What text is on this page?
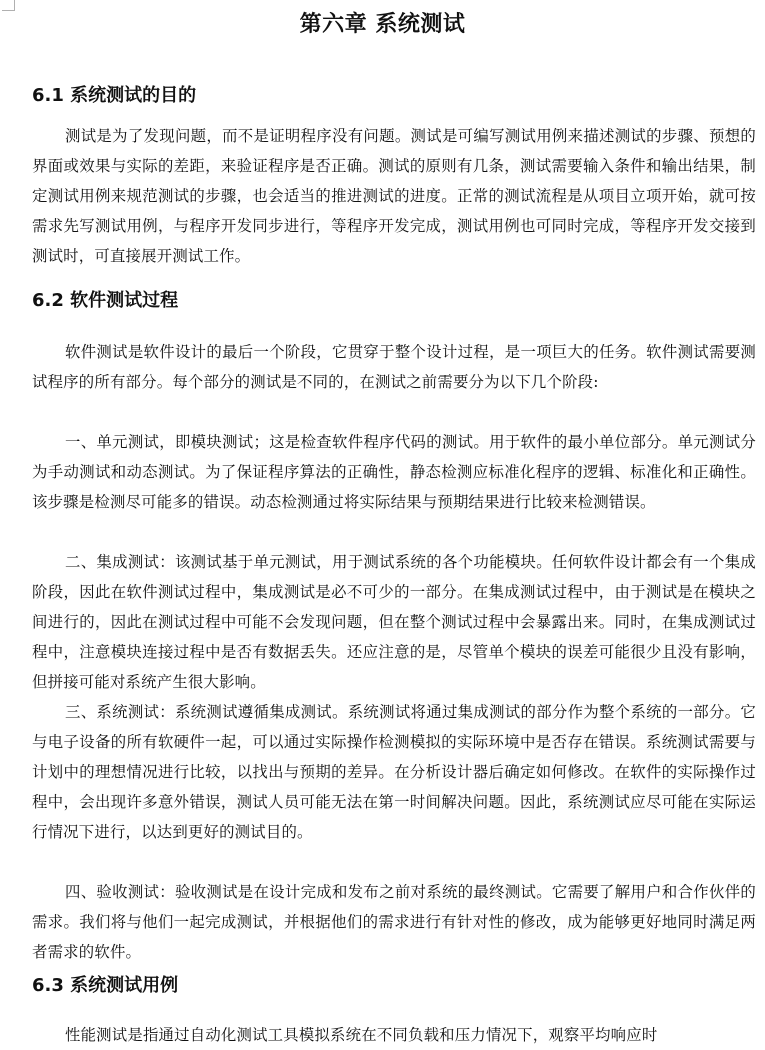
第六章 系统测试
6.1 系统测试的目的

测试是为了发现问题，而不是证明程序没有问题。测试是可编写测试用例来描述测试的步骤、预想的界面或效果与实际的差距，来验证程序是否正确。测试的原则有几条，测试需要输入条件和输出结果，制定测试用例来规范测试的步骤，也会适当的推进测试的进度。正常的测试流程是从项目立项开始，就可按需求先写测试用例，与程序开发同步进行，等程序开发完成，测试用例也可同时完成，等程序开发交接到测试时，可直接展开测试工作。

6.2 软件测试过程

软件测试是软件设计的最后一个阶段，它贯穿于整个设计过程，是一项巨大的任务。软件测试需要测试程序的所有部分。每个部分的测试是不同的，在测试之前需要分为以下几个阶段:

一、单元测试，即模块测试；这是检查软件程序代码的测试。用于软件的最小单位部分。单元测试分为手动测试和动态测试。为了保证程序算法的正确性，静态检测应标准化程序的逻辑、标准化和正确性。该步骤是检测尽可能多的错误。动态检测通过将实际结果与预期结果进行比较来检测错误。

二、集成测试：该测试基于单元测试，用于测试系统的各个功能模块。任何软件设计都会有一个集成阶段，因此在软件测试过程中，集成测试是必不可少的一部分。在集成测试过程中，由于测试是在模块之间进行的，因此在测试过程中可能不会发现问题，但在整个测试过程中会暴露出来。同时，在集成测试过程中，注意模块连接过程中是否有数据丢失。还应注意的是，尽管单个模块的误差可能很少且没有影响，但拼接可能对系统产生很大影响。

三、系统测试：系统测试遵循集成测试。系统测试将通过集成测试的部分作为整个系统的一部分。它与电子设备的所有软硬件一起，可以通过实际操作检测模拟的实际环境中是否存在错误。系统测试需要与计划中的理想情况进行比较，以找出与预期的差异。在分析设计器后确定如何修改。在软件的实际操作过程中，会出现许多意外错误，测试人员可能无法在第一时间解决问题。因此，系统测试应尽可能在实际运行情况下进行，以达到更好的测试目的。

四、验收测试：验收测试是在设计完成和发布之前对系统的最终测试。它需要了解用户和合作伙伴的需求。我们将与他们一起完成测试，并根据他们的需求进行有针对性的修改，成为能够更好地同时满足两者需求的软件。

6.3 系统测试用例
性能测试是指通过自动化测试工具模拟系统在不同负载和压力情况下，观察平均响应时
